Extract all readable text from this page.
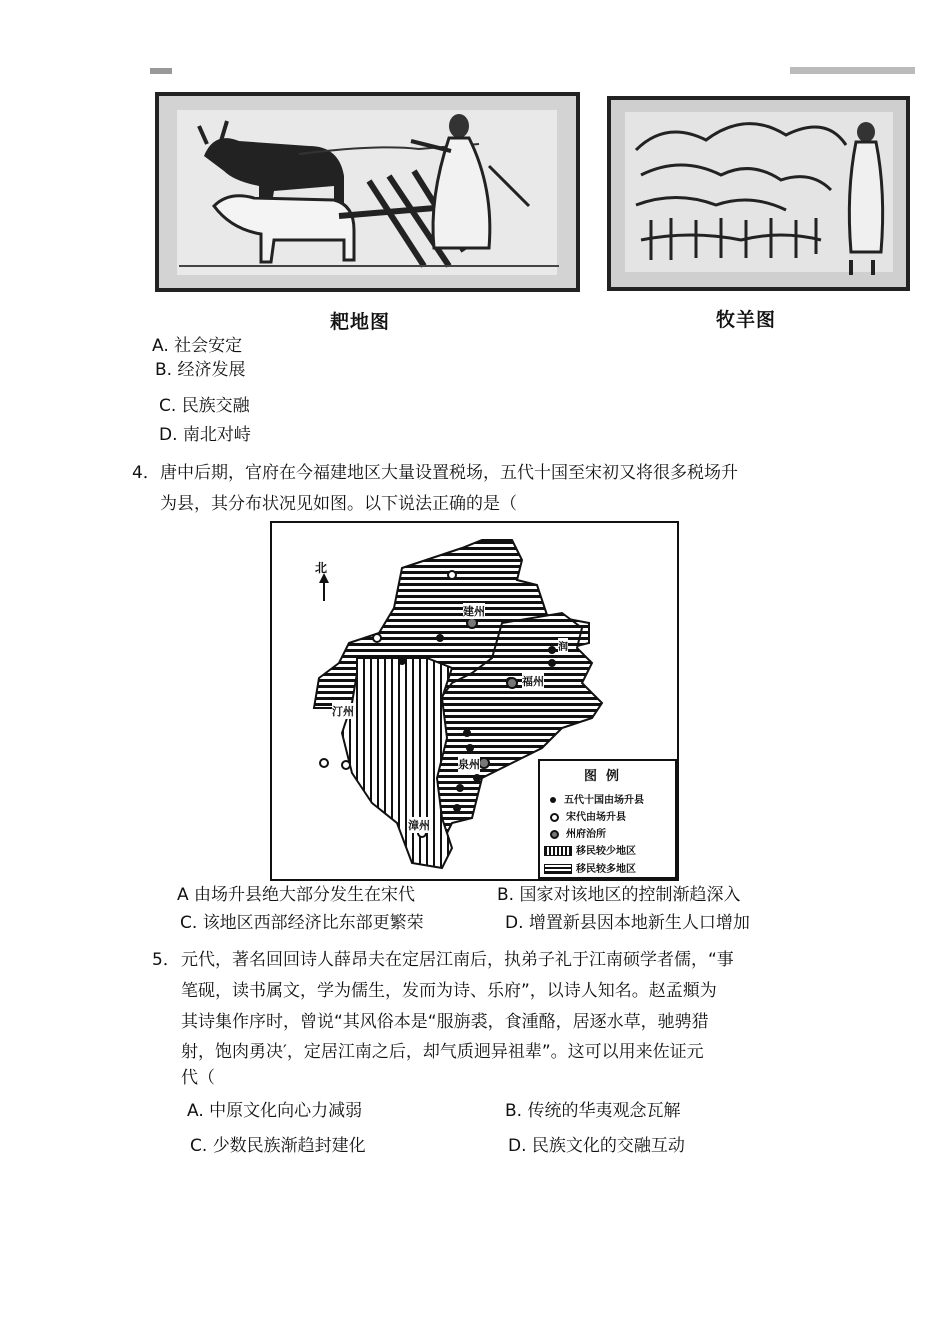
耙地图	牧羊图
A. 社会安定
B. 经济发展
C. 民族交融
D. 南北对峙
4． 唐中后期，官府在今福建地区大量设置税场，五代十国至宋初又将很多税场升
为县，其分布状况见如图。以下说法正确的是（
北
建州
润
福州
汀州
泉州
漳州
图  例
五代十国由场升县
宋代由场升县
州府治所
移民较少地区
移民较多地区
A 由场升县绝大部分发生在宋代	B. 国家对该地区的控制渐趋深入
C. 该地区西部经济比东部更繁荣	D. 增置新县因本地新生人口增加
5． 元代，著名回回诗人薛昂夫在定居江南后，执弟子礼于江南硕学者儒，“事
笔砚，读书属文，学为儒生，发而为诗、乐府”，以诗人知名。赵孟頫为
其诗集作序时，曾说“其风俗本是“服旃裘，食湩酪，居逐水草，驰骋猎
射，饱肉勇决′，定居江南之后，却气质迥异祖辈”。这可以用来佐证元
代（
A. 中原文化向心力减弱	B. 传统的华夷观念瓦解
C. 少数民族渐趋封建化	D. 民族文化的交融互动
